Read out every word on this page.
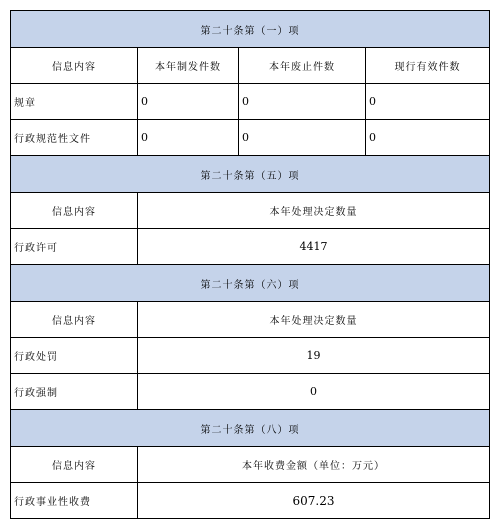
第二十条第（一）项			
信息内容	本年制发件数	本年废止件数	现行有效件数
规章	0	0	0
行政规范性文件	0	0	0
第二十条第（五）项			
信息内容	本年处理决定数量		
行政许可	4417		
第二十条第（六）项			
信息内容	本年处理决定数量		
行政处罚	19		
行政强制	0		
第二十条第（八）项			
信息内容	本年收费金额（单位：万元）		
行政事业性收费	607.23		
